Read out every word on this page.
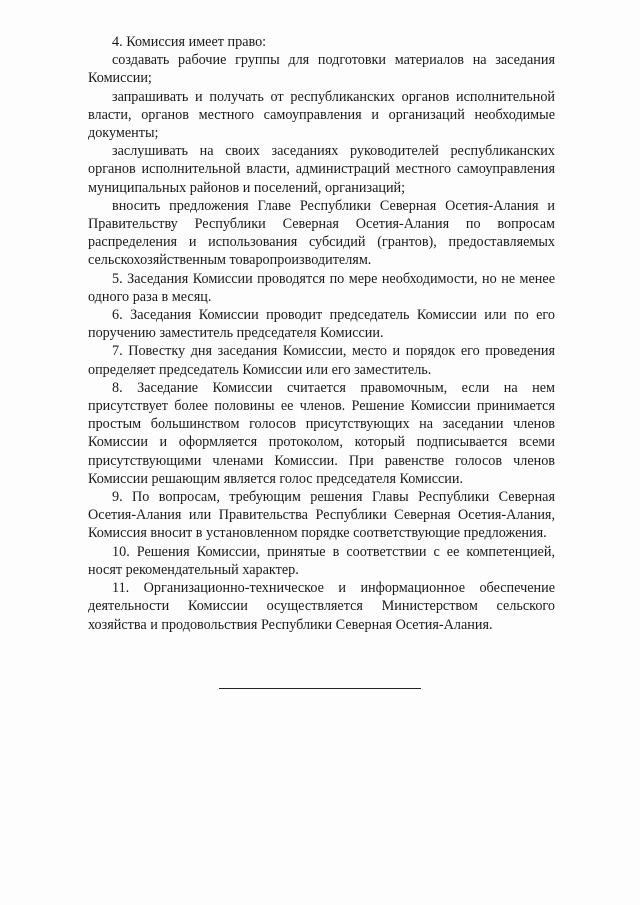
4. Комиссия имеет право:

создавать рабочие группы для подготовки материалов на заседания Комиссии;

запрашивать и получать от республиканских органов исполнительной власти, органов местного самоуправления и организаций необходимые документы;

заслушивать на своих заседаниях руководителей республиканских органов исполнительной власти, администраций местного самоуправления муниципальных районов и поселений, организаций;

вносить предложения Главе Республики Северная Осетия-Алания и Правительству Республики Северная Осетия-Алания по вопросам распределения и использования субсидий (грантов), предоставляемых сельскохозяйственным товаропроизводителям.

5. Заседания Комиссии проводятся по мере необходимости, но не менее одного раза в месяц.

6. Заседания Комиссии проводит председатель Комиссии или по его поручению заместитель председателя Комиссии.

7. Повестку дня заседания Комиссии, место и порядок его проведения определяет председатель Комиссии или его заместитель.

8. Заседание Комиссии считается правомочным, если на нем присутствует более половины ее членов. Решение Комиссии принимается простым большинством голосов присутствующих на заседании членов Комиссии и оформляется протоколом, который подписывается всеми присутствующими членами Комиссии. При равенстве голосов членов Комиссии решающим является голос председателя Комиссии.

9. По вопросам, требующим решения Главы Республики Северная Осетия-Алания или Правительства Республики Северная Осетия-Алания, Комиссия вносит в установленном порядке соответствующие предложения.

10. Решения Комиссии, принятые в соответствии с ее компетенцией, носят рекомендательный характер.

11. Организационно-техническое и информационное обеспечение деятельности Комиссии осуществляется Министерством сельского хозяйства и продовольствия Республики Северная Осетия-Алания.
